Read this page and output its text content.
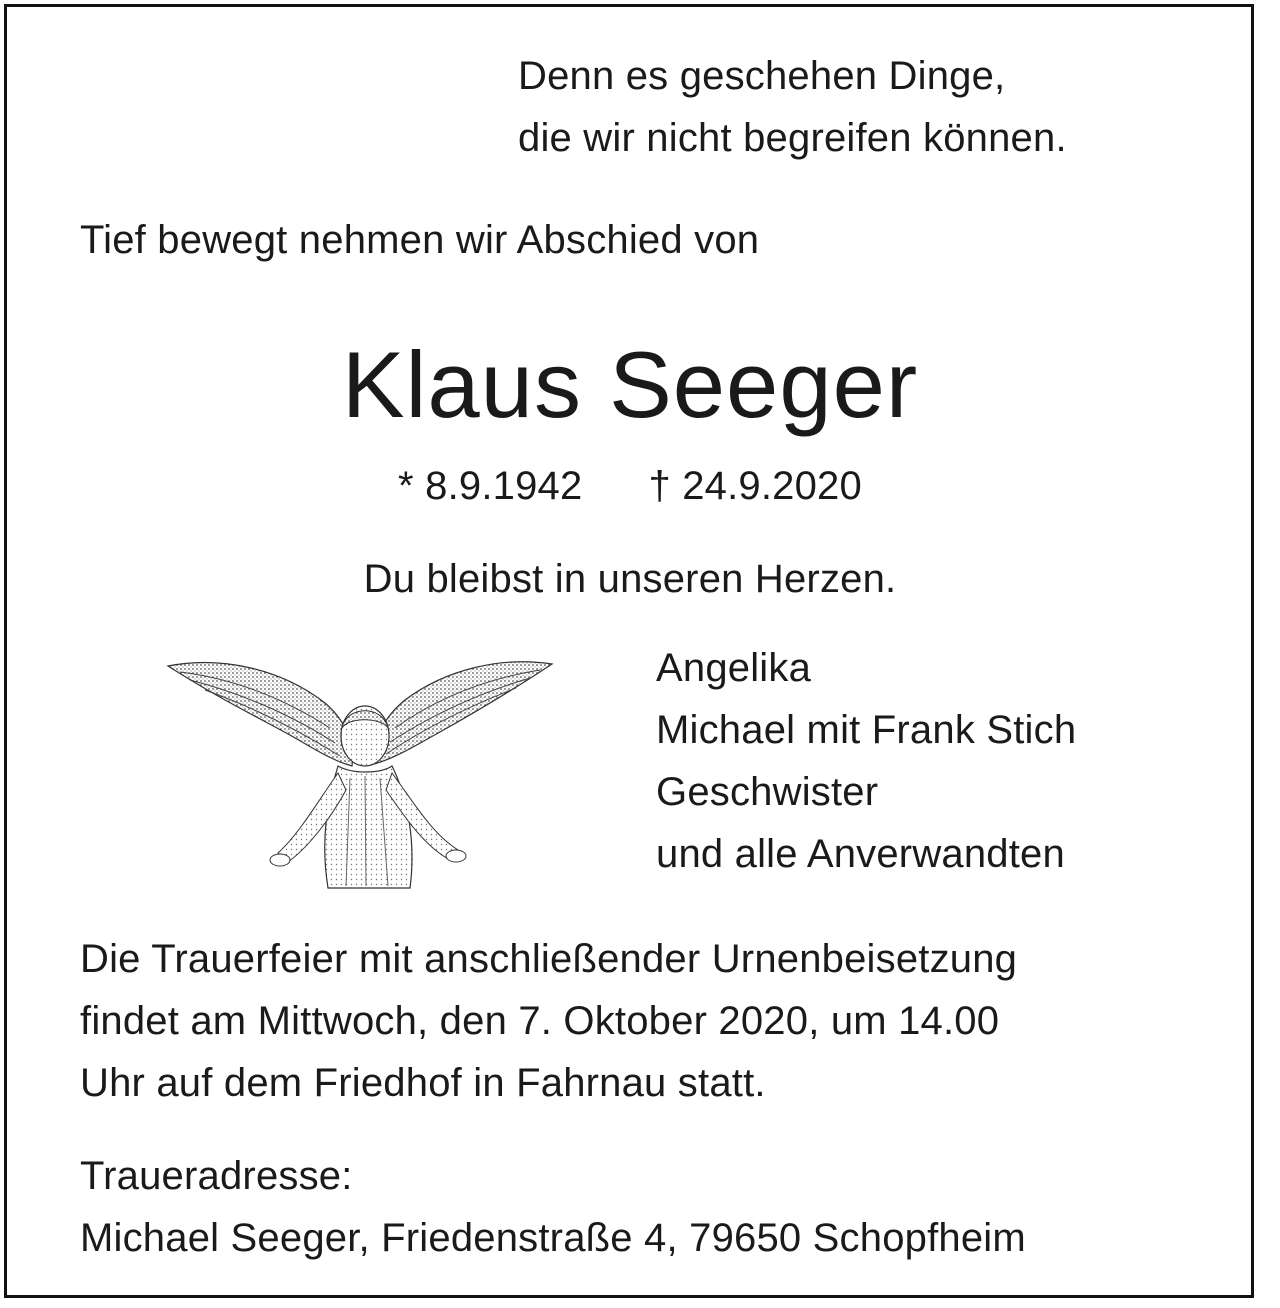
Denn es geschehen Dinge,
die wir nicht begreifen können.
Tief bewegt nehmen wir Abschied von
Klaus Seeger
* 8.9.1942 † 24.9.2020
Du bleibst in unseren Herzen.
Angelika
Michael mit Frank Stich
Geschwister
und alle Anverwandten
Die Trauerfeier mit anschließender Urnenbeisetzung
findet am Mittwoch, den 7. Oktober 2020, um 14.00
Uhr auf dem Friedhof in Fahrnau statt.
Traueradresse:
Michael Seeger, Friedenstraße 4, 79650 Schopfheim
